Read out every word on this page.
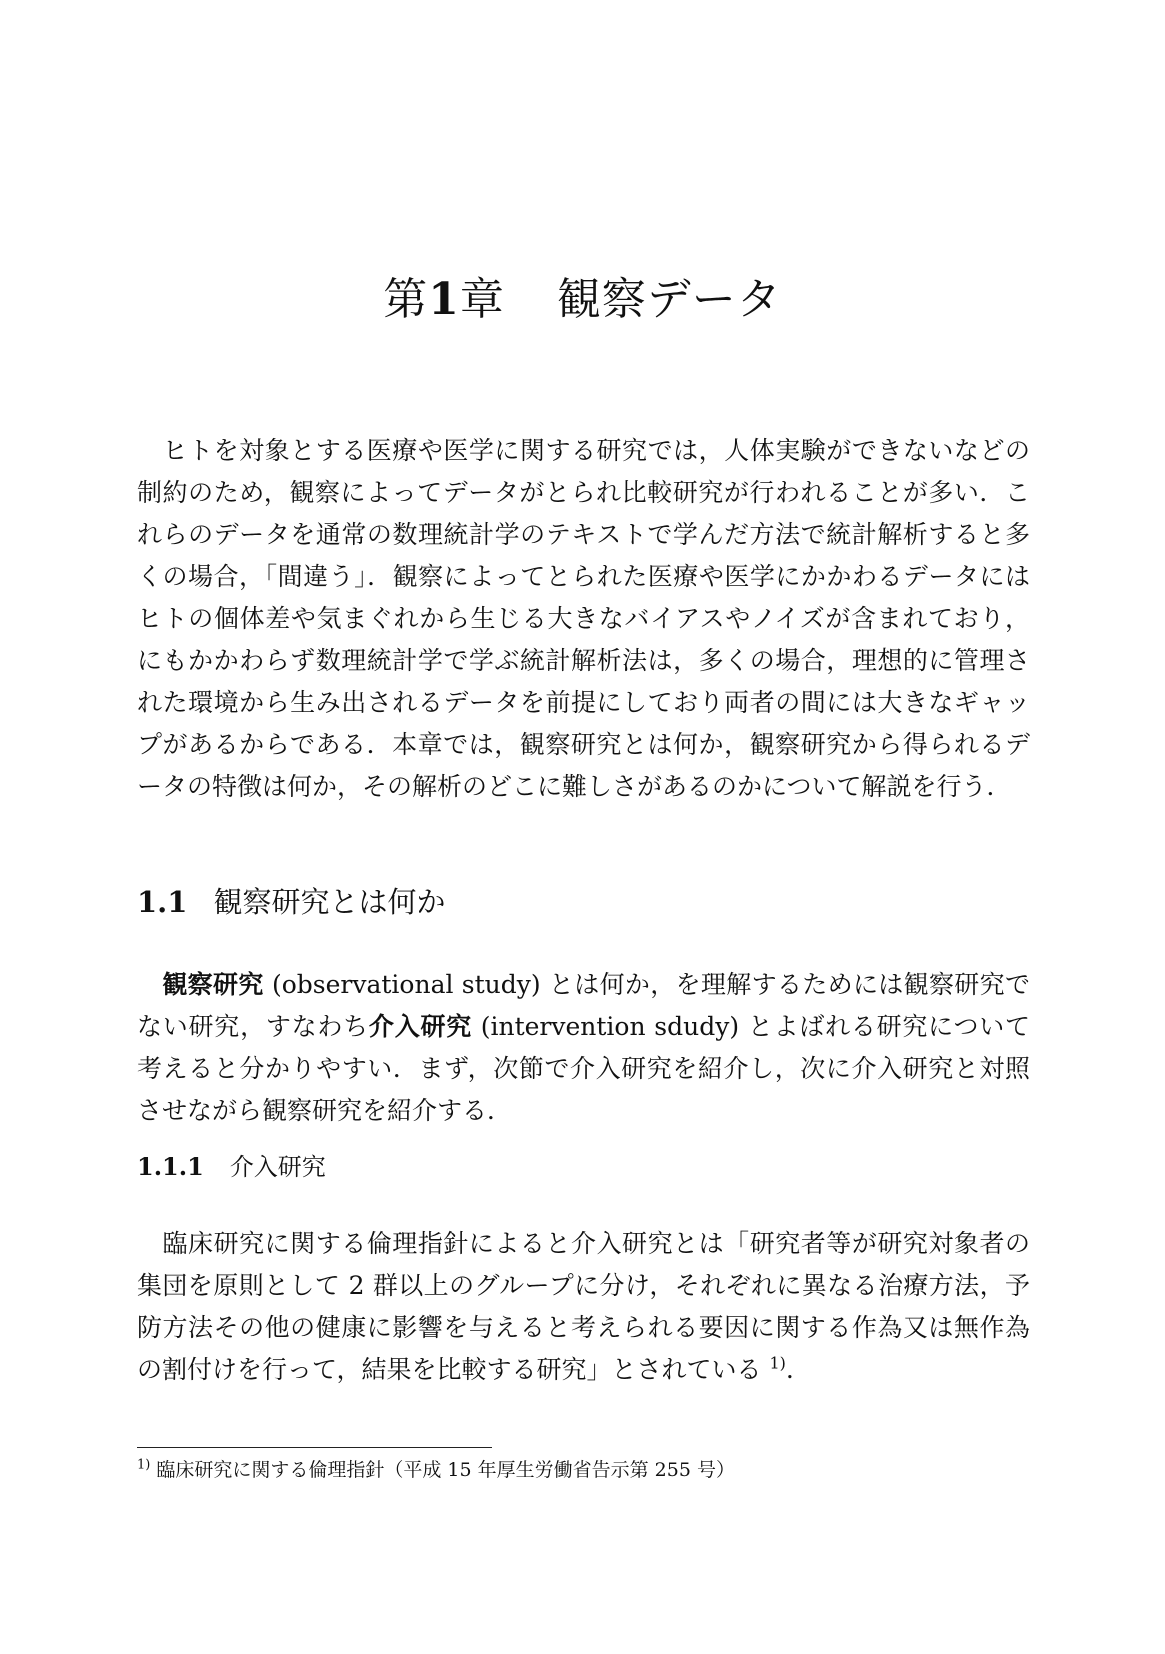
第1章 観察データ

ヒトを対象とする医療や医学に関する研究では，人体実験ができないなどの制約のため，観察によってデータがとられ比較研究が行われることが多い．これらのデータを通常の数理統計学のテキストで学んだ方法で統計解析すると多くの場合，「間違う」．観察によってとられた医療や医学にかかわるデータにはヒトの個体差や気まぐれから生じる大きなバイアスやノイズが含まれており，にもかかわらず数理統計学で学ぶ統計解析法は，多くの場合，理想的に管理された環境から生み出されるデータを前提にしており両者の間には大きなギャップがあるからである．本章では，観察研究とは何か，観察研究から得られるデータの特徴は何か，その解析のどこに難しさがあるのかについて解説を行う．

1.1 観察研究とは何か

観察研究 (observational study) とは何か，を理解するためには観察研究でない研究，すなわち介入研究 (intervention sdudy) とよばれる研究について考えると分かりやすい．まず，次節で介入研究を紹介し，次に介入研究と対照させながら観察研究を紹介する．

1.1.1 介入研究

臨床研究に関する倫理指針によると介入研究とは「研究者等が研究対象者の集団を原則として 2 群以上のグループに分け，それぞれに異なる治療方法，予防方法その他の健康に影響を与えると考えられる要因に関する作為又は無作為の割付けを行って，結果を比較する研究」とされている $^{1)}$.

$^{1)}$ 臨床研究に関する倫理指針（平成 15 年厚生労働省告示第 255 号）
